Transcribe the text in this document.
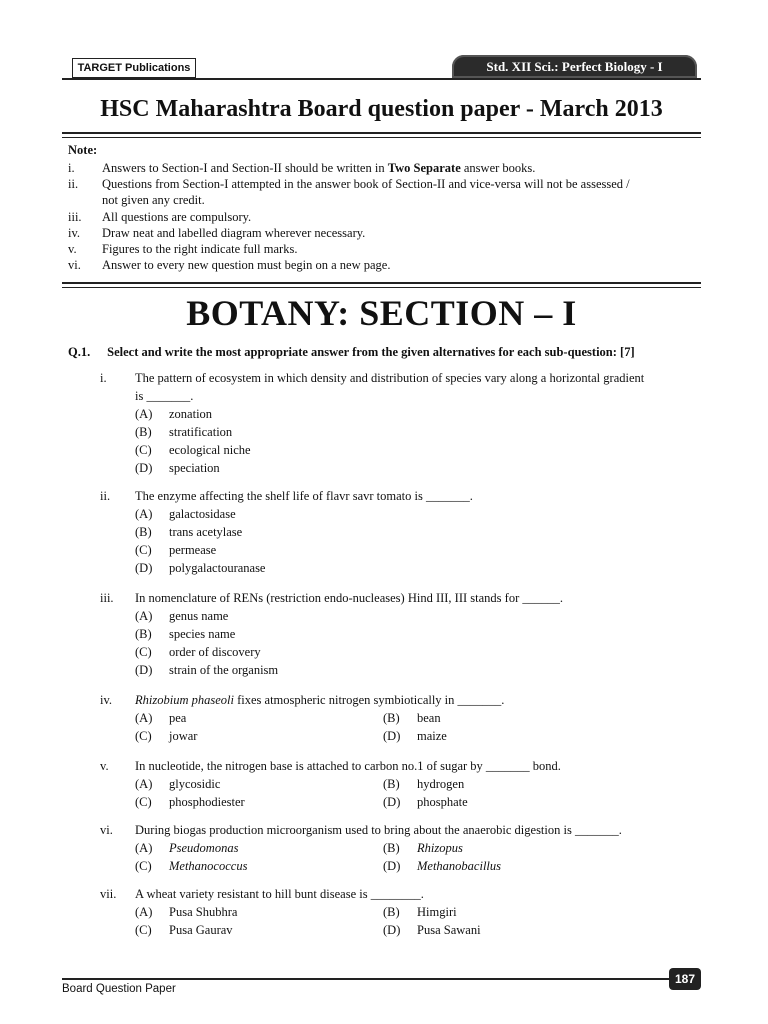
TARGET Publications	Std. XII Sci.: Perfect Biology - I
HSC Maharashtra Board question paper - March 2013
Note:
i.	Answers to Section-I and Section-II should be written in Two Separate answer books.
ii.	Questions from Section-I attempted in the answer book of Section-II and vice-versa will not be assessed /
not given any credit.
iii.	All questions are compulsory.
iv.	Draw neat and labelled diagram wherever necessary.
v.	Figures to the right indicate full marks.
vi.	Answer to every new question must begin on a new page.
BOTANY: SECTION – I
Q.1. Select and write the most appropriate answer from the given alternatives for each sub-question: [7]
i.	The pattern of ecosystem in which density and distribution of species vary along a horizontal gradient
is _______.
(A)	zonation
(B)	stratification
(C)	ecological niche
(D)	speciation
ii.	The enzyme affecting the shelf life of flavr savr tomato is _______.
(A)	galactosidase
(B)	trans acetylase
(C)	permease
(D)	polygalactouranase
iii.	In nomenclature of RENs (restriction endo-nucleases) Hind III, III stands for ______.
(A)	genus name
(B)	species name
(C)	order of discovery
(D)	strain of the organism
iv.	Rhizobium phaseoli fixes atmospheric nitrogen symbiotically in _______.
(A)	pea	(B)	bean
(C)	jowar	(D)	maize
v.	In nucleotide, the nitrogen base is attached to carbon no.1 of sugar by _______ bond.
(A)	glycosidic	(B)	hydrogen
(C)	phosphodiester	(D)	phosphate
vi.	During biogas production microorganism used to bring about the anaerobic digestion is _______.
(A)	Pseudomonas	(B)	Rhizopus
(C)	Methanococcus	(D)	Methanobacillus
vii.	A wheat variety resistant to hill bunt disease is ________.
(A)	Pusa Shubhra	(B)	Himgiri
(C)	Pusa Gaurav	(D)	Pusa Sawani
Board Question Paper
187
